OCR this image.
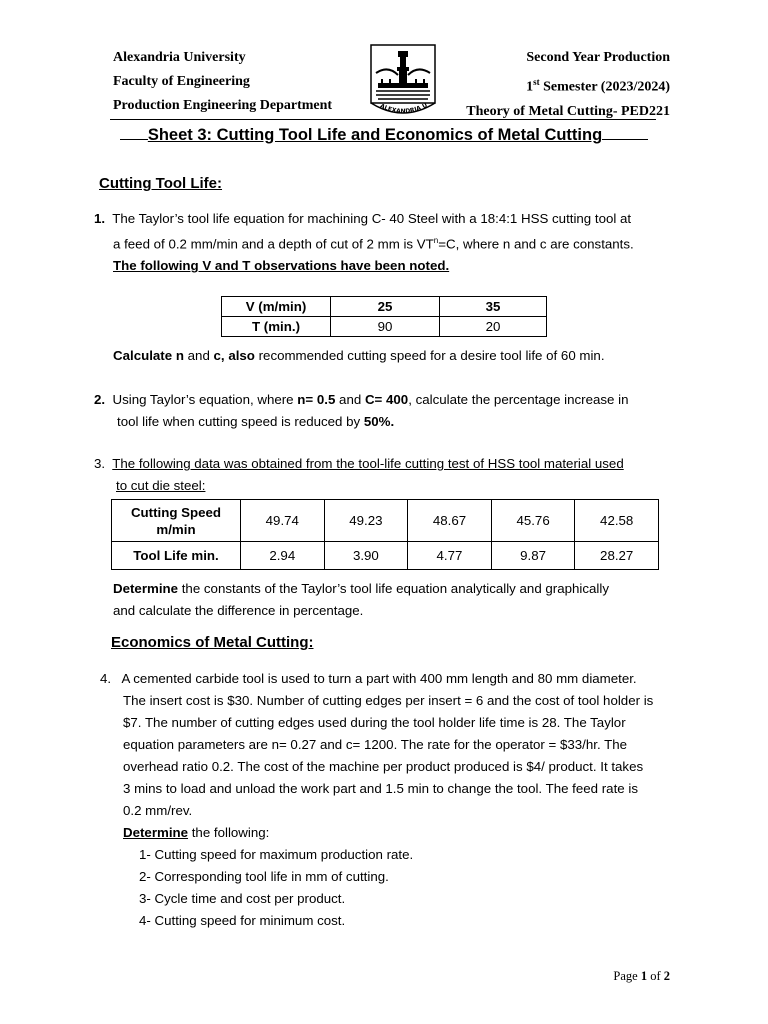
Alexandria University
Faculty of Engineering
Production Engineering Department	ALEXANDRIA U
Second Year Production
1st Semester (2023/2024)
Theory of Metal Cutting- PED221
Sheet 3: Cutting Tool Life and Economics of Metal Cutting
Cutting Tool Life:
1. The Taylor’s tool life equation for machining C- 40 Steel with a 18:4:1 HSS cutting tool at
a feed of 0.2 mm/min and a depth of cut of 2 mm is $VT^n=C$, where n and c are constants.
The following V and T observations have been noted.
V (m/min)	25	35
T (min.)	90	20
Calculate n and c, also recommended cutting speed for a desire tool life of 60 min.
2. Using Taylor’s equation, where n= 0.5 and C= 400, calculate the percentage increase in
tool life when cutting speed is reduced by 50%.
3. The following data was obtained from the tool-life cutting test of HSS tool material used
to cut die steel:
Cutting Speed
m/min	49.74	49.23	48.67	45.76	42.58
Tool Life min.	2.94	3.90	4.77	9.87	28.27
Determine the constants of the Taylor’s tool life equation analytically and graphically
and calculate the difference in percentage.
Economics of Metal Cutting:
4. A cemented carbide tool is used to turn a part with 400 mm length and 80 mm diameter.
The insert cost is $30. Number of cutting edges per insert = 6 and the cost of tool holder is
$7. The number of cutting edges used during the tool holder life time is 28. The Taylor
equation parameters are n= 0.27 and c= 1200. The rate for the operator = $33/hr. The
overhead ratio 0.2. The cost of the machine per product produced is $4/ product. It takes
3 mins to load and unload the work part and 1.5 min to change the tool. The feed rate is
0.2 mm/rev.
Determine the following:
1- Cutting speed for maximum production rate.
2- Corresponding tool life in mm of cutting.
3- Cycle time and cost per product.
4- Cutting speed for minimum cost.
Page 1 of 2
